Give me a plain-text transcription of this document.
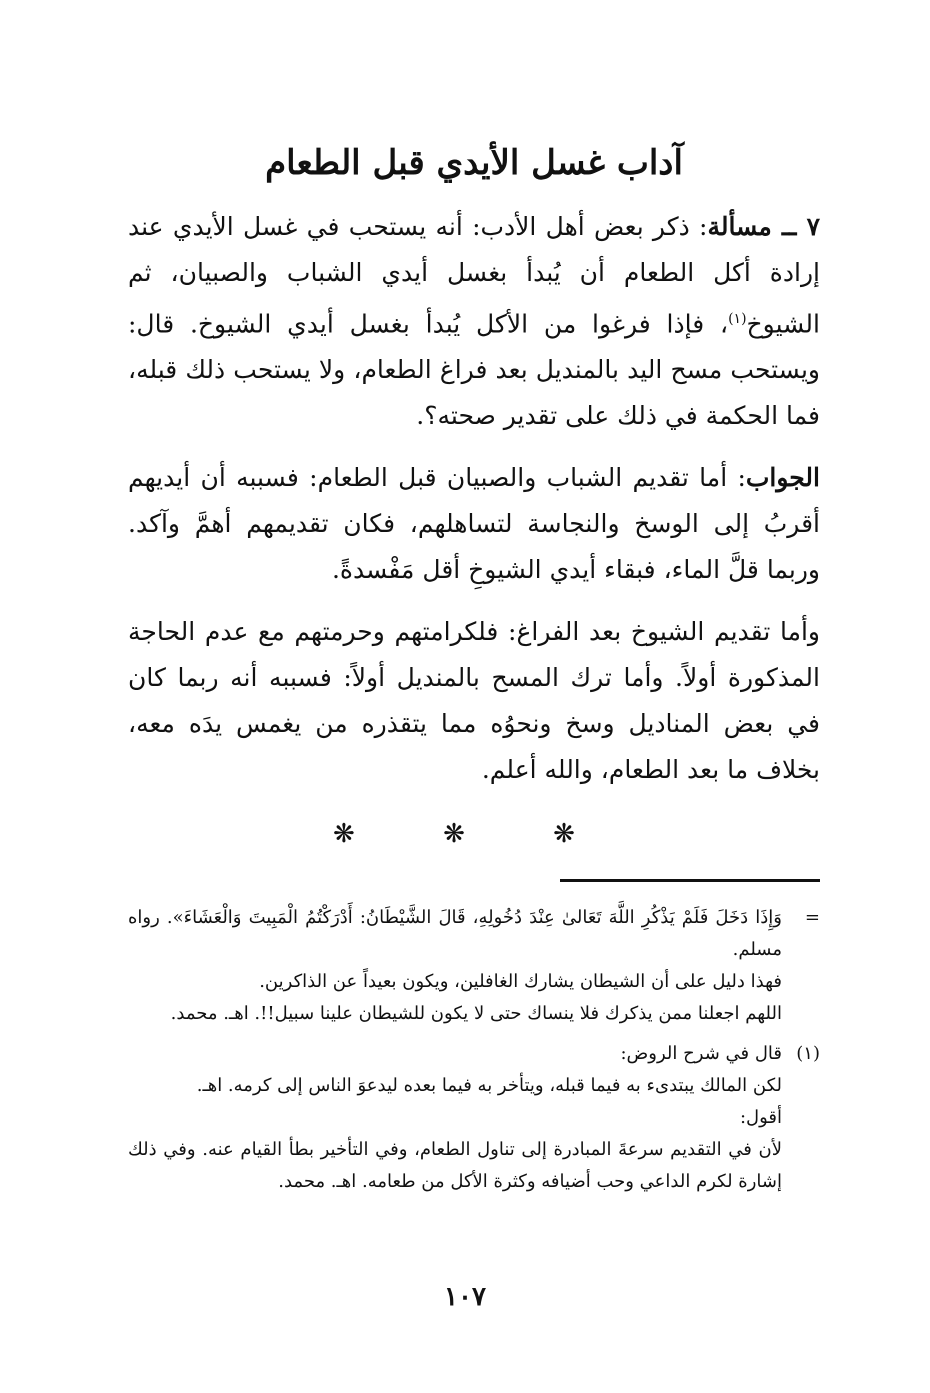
آداب غسل الأيدي قبل الطعام

٧ ــ مسألة: ذكر بعض أهل الأدب: أنه يستحب في غسل الأيدي عند إرادة أكل الطعام أن يُبدأ بغسل أيدي الشباب والصبيان، ثم الشيوخ$^{(١)}$، فإذا فرغوا من الأكل يُبدأ بغسل أيدي الشيوخ. قال: ويستحب مسح اليد بالمنديل بعد فراغ الطعام، ولا يستحب ذلك قبله، فما الحكمة في ذلك على تقدير صحته؟.

الجواب: أما تقديم الشباب والصبيان قبل الطعام: فسببه أن أيديهم أقربُ إلى الوسخ والنجاسة لتساهلهم، فكان تقديمهم أهمَّ وآكد. وربما قلَّ الماء، فبقاء أيدي الشيوخِ أقل مَفْسدةً.

وأما تقديم الشيوخ بعد الفراغ: فلكرامتهم وحرمتهم مع عدم الحاجة المذكورة أولاً. وأما ترك المسح بالمنديل أولاً: فسببه أنه ربما كان في بعض المناديل وسخ ونحوُه مما يتقذره من يغمس يدَه معه، بخلاف ما بعد الطعام، والله أعلم.

❋ ❋ ❋
=

وَإِذَا دَخَلَ فَلَمْ يَذْكُرِ اللَّهَ تَعَالىٰ عِنْدَ دُخُولِهِ، قَالَ الشَّيْطَانُ: أَدْرَكْتُمُ الْمَبِيتَ وَالْعَشَاءَ». رواه مسلم.

فهذا دليل على أن الشيطان يشارك الغافلين، ويكون بعيداً عن الذاكرين.

اللهم اجعلنا ممن يذكرك فلا ينساك حتى لا يكون للشيطان علينا سبيل!!. اهـ. محمد.

(١)

قال في شرح الروض:

لكن المالك يبتدىء به فيما قبله، ويتأخر به فيما بعده ليدعوَ الناس إلى كرمه. اهـ.

أقول:

لأن في التقديم سرعةَ المبادرة إلى تناول الطعام، وفي التأخير بطأ القيام عنه. وفي ذلك إشارة لكرم الداعي وحب أضيافه وكثرة الأكل من طعامه. اهـ. محمد.

١٠٧
